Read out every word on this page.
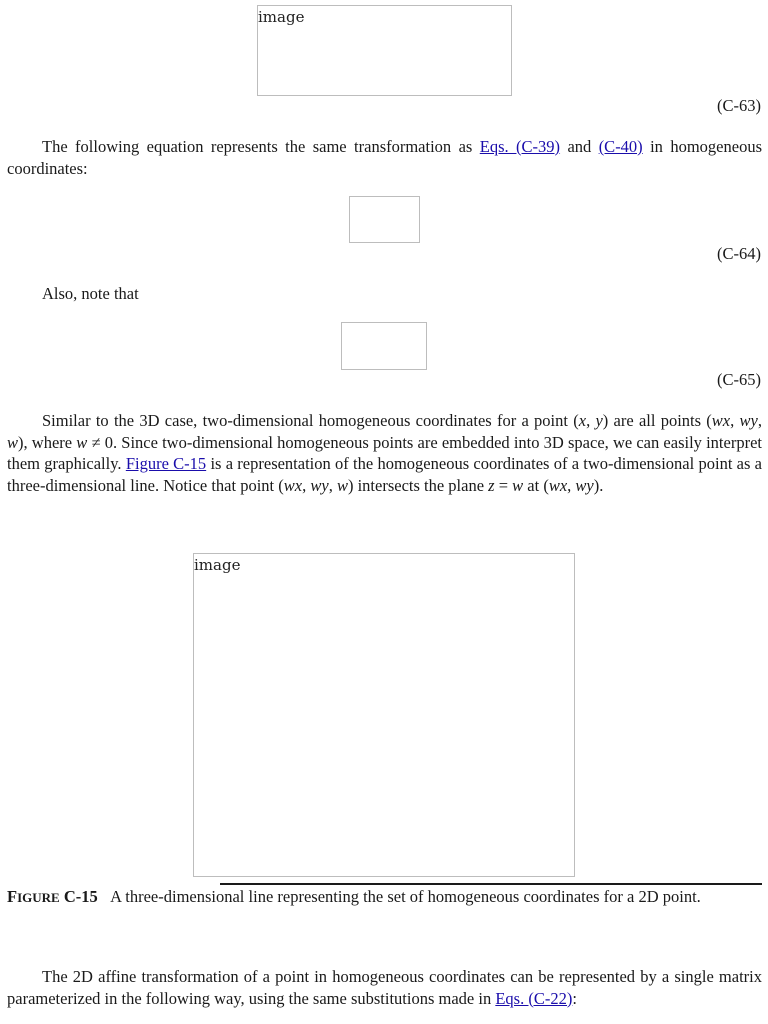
image
(C-63)
The following equation represents the same transformation as Eqs. (C-39) and (C-40) in homogeneous coordinates:
(C-64)
Also, note that
(C-65)
Similar to the 3D case, two-dimensional homogeneous coordinates for a point (x, y) are all points (wx, wy, w), where w ≠ 0. Since two-dimensional homogeneous points are embedded into 3D space, we can easily interpret them graphically. Figure C-15 is a representation of the homogeneous coordinates of a two-dimensional point as a three-dimensional line. Notice that point (wx, wy, w) intersects the plane z = w at (wx, wy).
image
FIGURE C-15 A three-dimensional line representing the set of homogeneous coordinates for a 2D point.
The 2D affine transformation of a point in homogeneous coordinates can be represented by a single matrix parameterized in the following way, using the same substitutions made in Eqs. (C-22):
